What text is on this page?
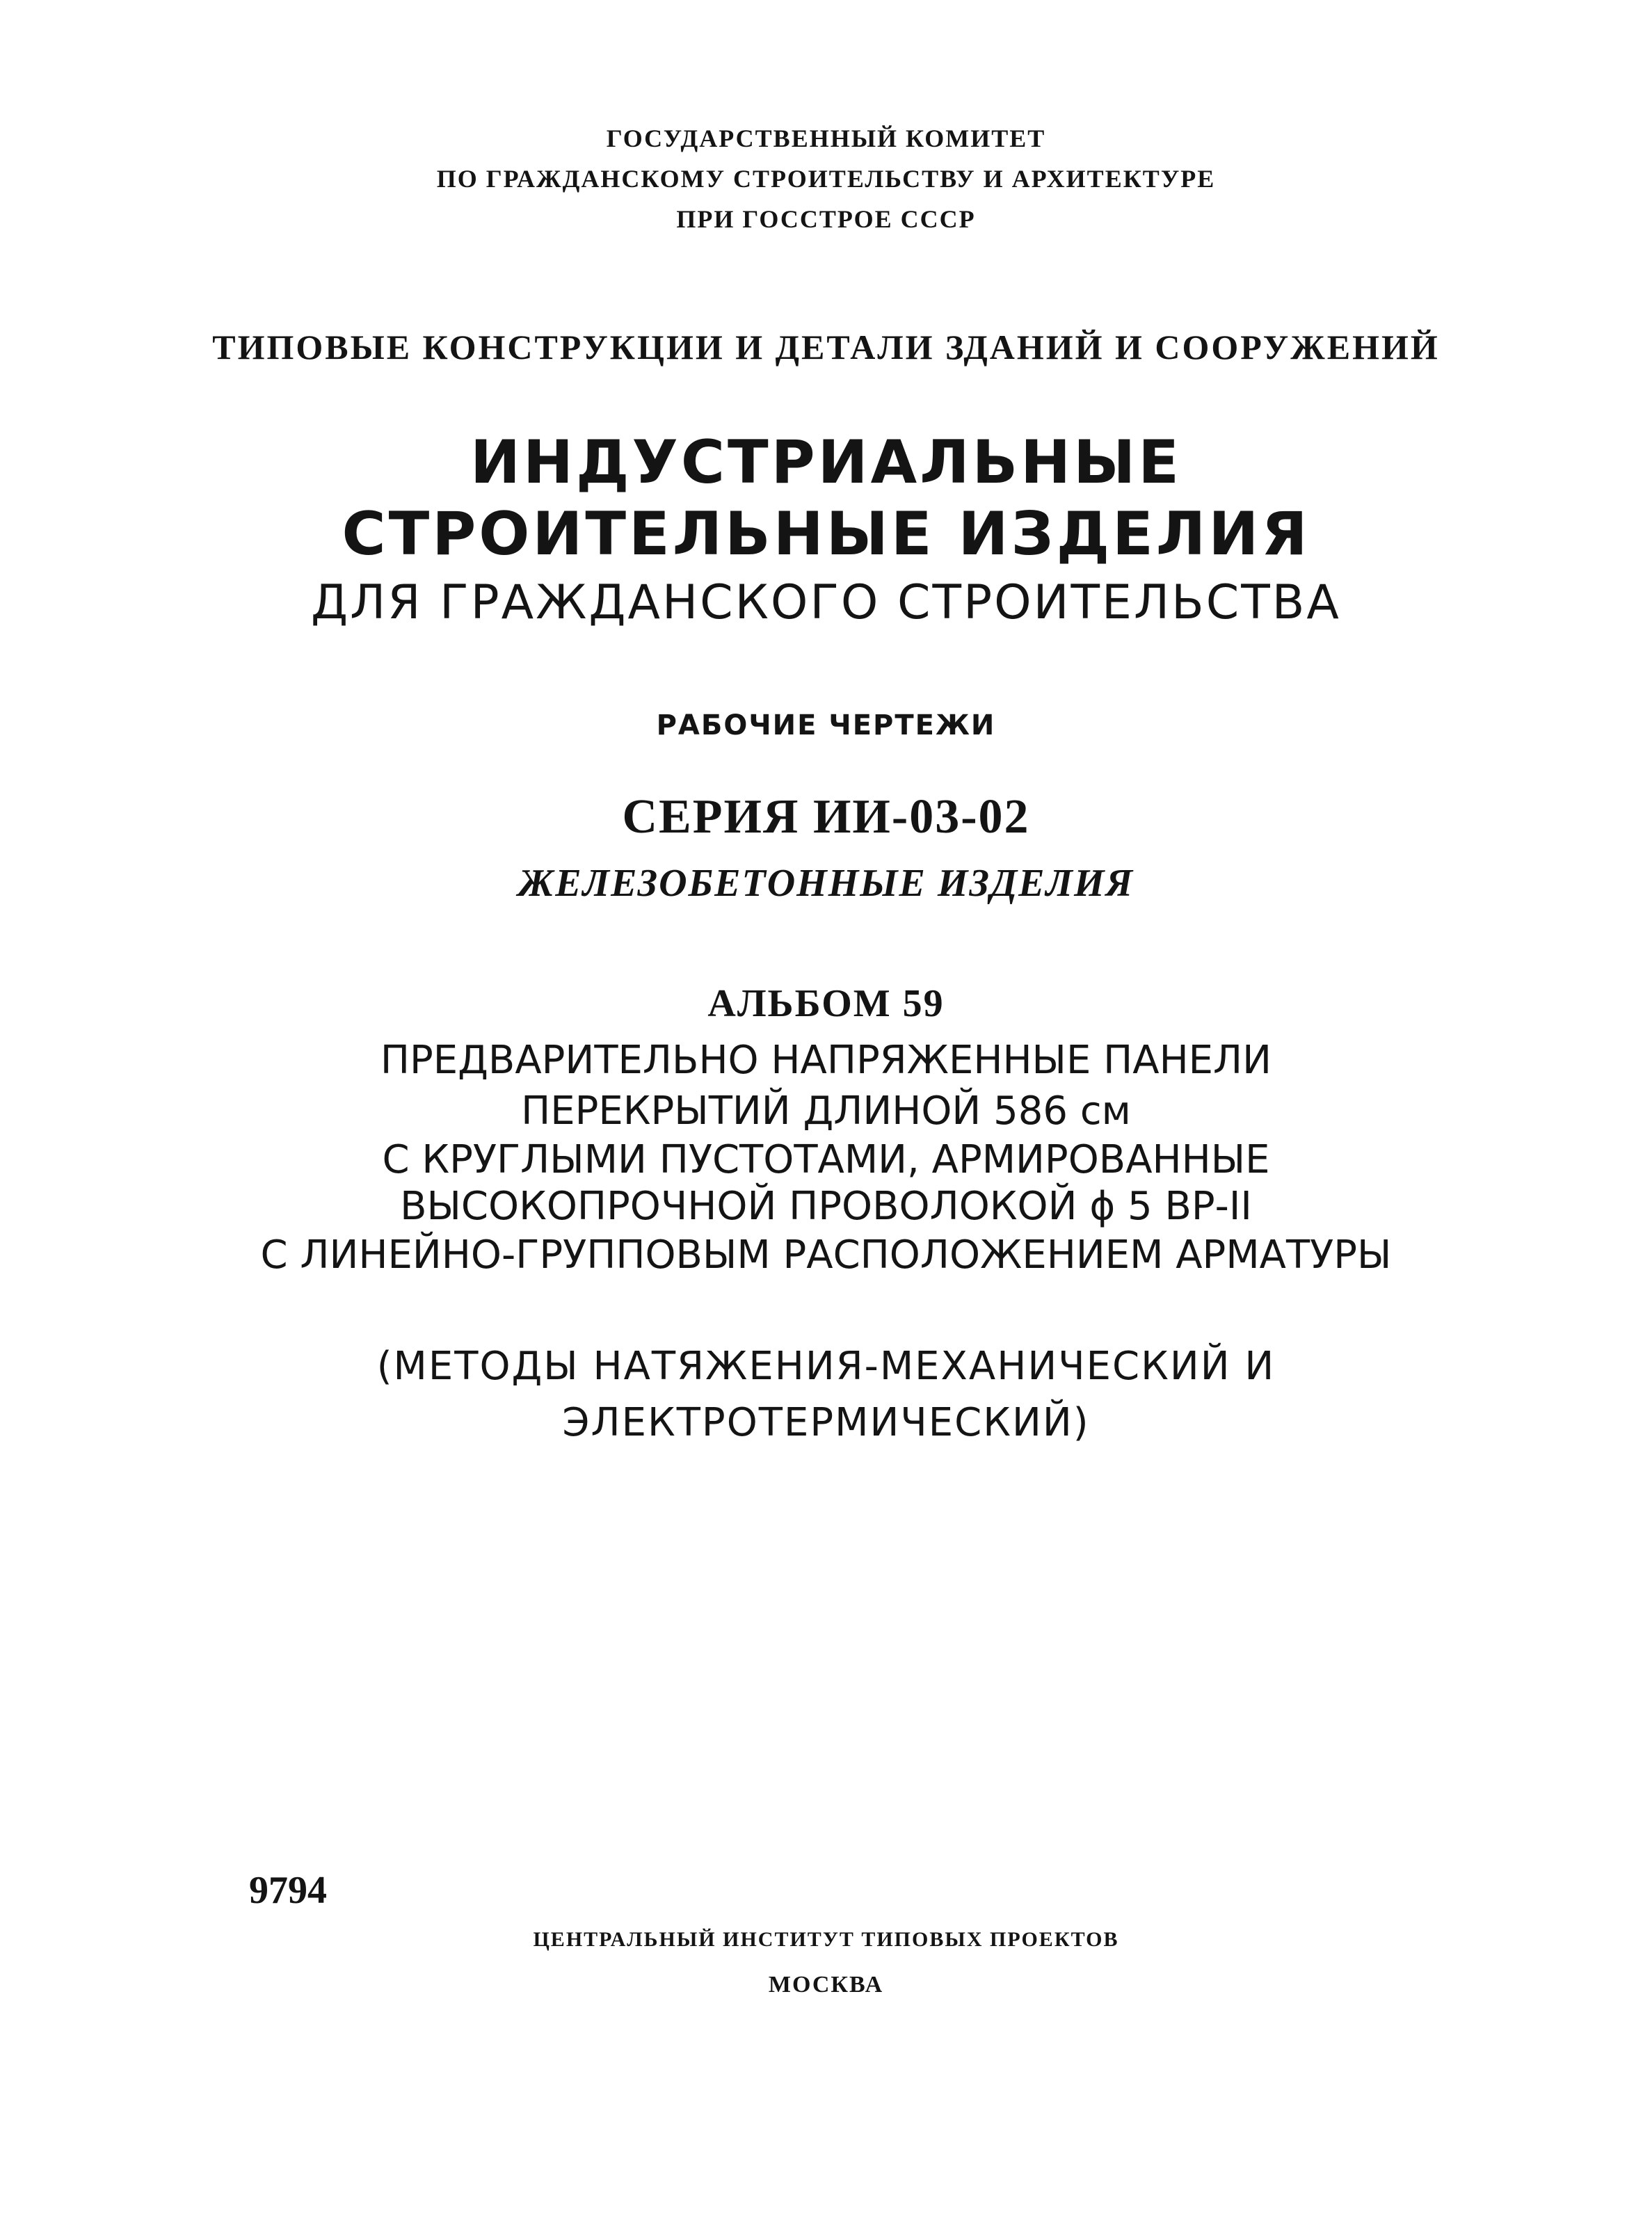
ГОСУДАРСТВЕННЫЙ КОМИТЕТ
ПО ГРАЖДАНСКОМУ СТРОИТЕЛЬСТВУ И АРХИТЕКТУРЕ
ПРИ ГОССТРОЕ СССР
ТИПОВЫЕ КОНСТРУКЦИИ И ДЕТАЛИ ЗДАНИЙ И СООРУЖЕНИЙ
ИНДУСТРИАЛЬНЫЕ
СТРОИТЕЛЬНЫЕ ИЗДЕЛИЯ
ДЛЯ ГРАЖДАНСКОГО СТРОИТЕЛЬСТВА
РАБОЧИЕ ЧЕРТЕЖИ
СЕРИЯ ИИ-03-02
ЖЕЛЕЗОБЕТОННЫЕ ИЗДЕЛИЯ
АЛЬБОМ 59
ПРЕДВАРИТЕЛЬНО НАПРЯЖЕННЫЕ ПАНЕЛИ
ПЕРЕКРЫТИЙ ДЛИНОЙ 586 см
С КРУГЛЫМИ ПУСТОТАМИ, АРМИРОВАННЫЕ
ВЫСОКОПРОЧНОЙ ПРОВОЛОКОЙ ϕ 5 ВР-II
С ЛИНЕЙНО-ГРУППОВЫМ РАСПОЛОЖЕНИЕМ АРМАТУРЫ
(МЕТОДЫ НАТЯЖЕНИЯ-МЕХАНИЧЕСКИЙ И
ЭЛЕКТРОТЕРМИЧЕСКИЙ)
9794
ЦЕНТРАЛЬНЫЙ ИНСТИТУТ ТИПОВЫХ ПРОЕКТОВ
МОСКВА
